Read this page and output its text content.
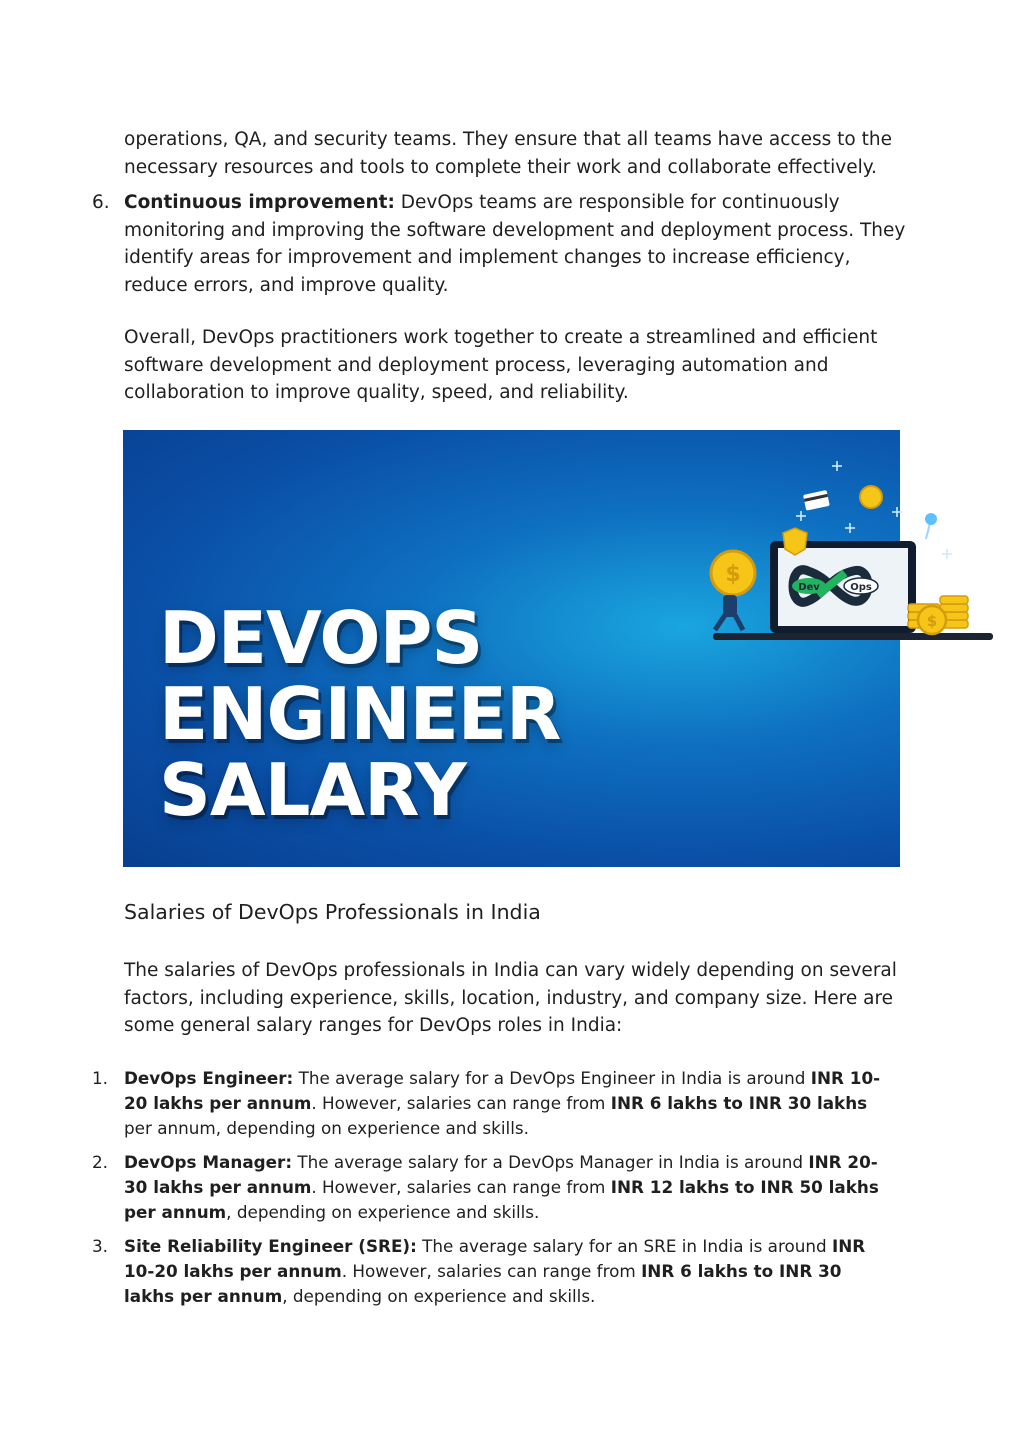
operations, QA, and security teams. They ensure that all teams have access to the necessary resources and tools to complete their work and collaborate effectively.

6. Continuous improvement: DevOps teams are responsible for continuously monitoring and improving the software development and deployment process. They identify areas for improvement and implement changes to increase efficiency, reduce errors, and improve quality.

Overall, DevOps practitioners work together to create a streamlined and efficient software development and deployment process, leveraging automation and collaboration to improve quality, speed, and reliability.

Dev	Ops
$
$
DEVOPS
ENGINEER
SALARY
Salaries of DevOps Professionals in India

The salaries of DevOps professionals in India can vary widely depending on several factors, including experience, skills, location, industry, and company size. Here are some general salary ranges for DevOps roles in India:

1. DevOps Engineer: The average salary for a DevOps Engineer in India is around INR 10-20 lakhs per annum. However, salaries can range from INR 6 lakhs to INR 30 lakhs per annum, depending on experience and skills.
2. DevOps Manager: The average salary for a DevOps Manager in India is around INR 20-30 lakhs per annum. However, salaries can range from INR 12 lakhs to INR 50 lakhs per annum, depending on experience and skills.
3. Site Reliability Engineer (SRE): The average salary for an SRE in India is around INR 10-20 lakhs per annum. However, salaries can range from INR 6 lakhs to INR 30 lakhs per annum, depending on experience and skills.
